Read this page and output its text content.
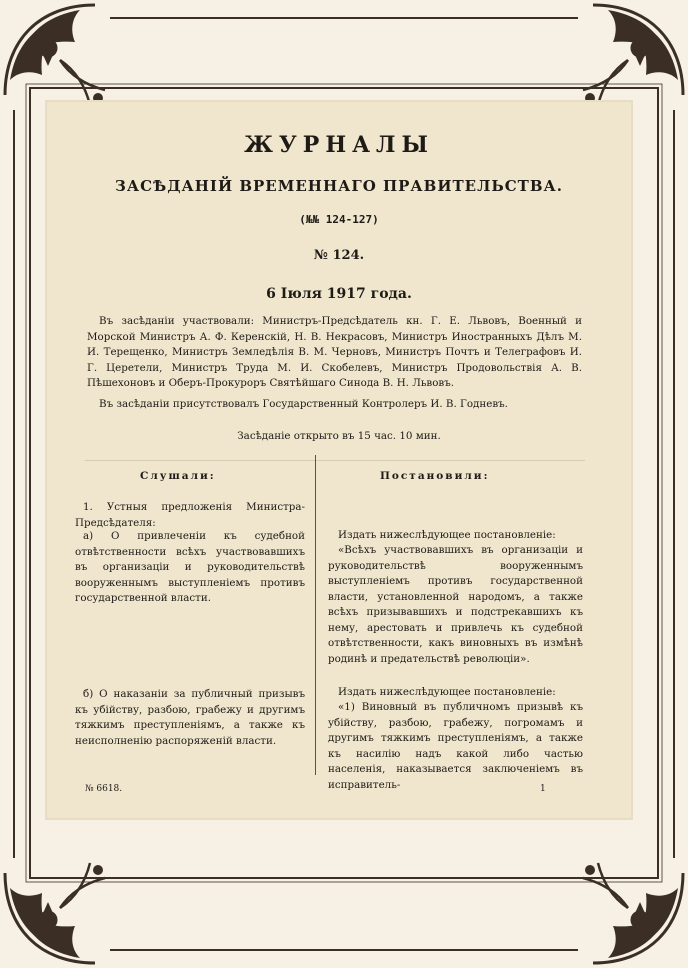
ЖУРНАЛЫ
ЗАСѢДАНІЙ ВРЕМЕННАГО ПРАВИТЕЛЬСТВА.
(№№ 124-127)
№ 124.
6 Іюля 1917 года.
Въ засѣданіи участвовали: Министръ-Предсѣдатель кн. Г. Е. Львовъ, Военный и Морской Министръ А. Ф. Керенскій, Н. В. Некрасовъ, Министръ Иностранныхъ Дѣлъ М. И. Терещенко, Министръ Земледѣлія В. М. Черновъ, Министръ Почтъ и Телеграфовъ И. Г. Церетели, Министръ Труда М. И. Скобелевъ, Министръ Продовольствія А. В. Пѣшехоновъ и Оберъ-Прокуроръ Святѣйшаго Синода В. Н. Львовъ.
Въ засѣданіи присутствовалъ Государственный Контролеръ И. В. Годневъ.
Засѣданіе открыто въ 15 час. 10 мин.
Слушали:	Постановили:
1. Устныя предложенія Министра-Предсѣдателя:
а) О привлеченіи къ судебной отвѣтственности всѣхъ участвовавшихъ въ организаціи и руководительствѣ вооруженнымъ выступленіемъ противъ государственной власти.
б) О наказаніи за публичный призывъ къ убійству, разбою, грабежу и другимъ тяжкимъ преступленіямъ, а также къ неисполненію распоряженій власти.
Издать нижеслѣдующее постановленіе:
«Всѣхъ участвовавшихъ въ организаціи и руководительствѣ вооруженнымъ выступленіемъ противъ государственной власти, установленной народомъ, а также всѣхъ призывавшихъ и подстрекавшихъ къ нему, арестовать и привлечь къ судебной отвѣтственности, какъ виновныхъ въ измѣнѣ родинѣ и предательствѣ революціи».
Издать нижеслѣдующее постановленіе:
«1) Виновный въ публичномъ призывѣ къ убійству, разбою, грабежу, погромамъ и другимъ тяжкимъ преступленіямъ, а также къ насилію надъ какой либо частью населенія, наказывается заключеніемъ въ исправитель-
№ 6618.	1
